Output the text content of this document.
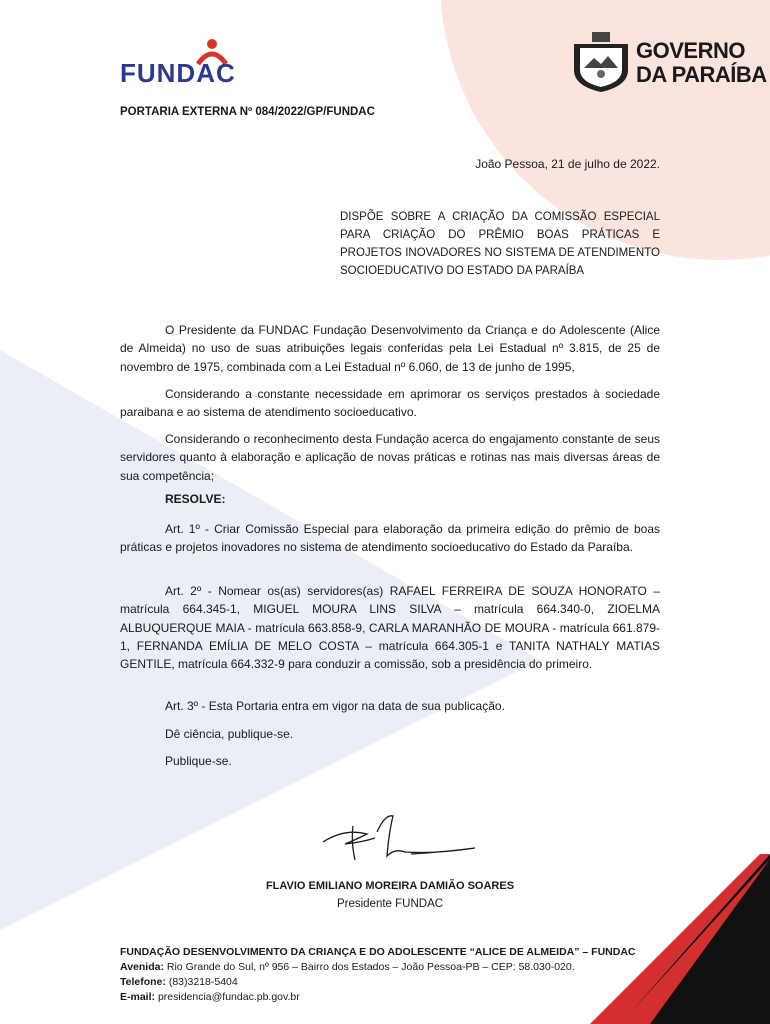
FUNDAC
GOVERNO
DA PARAÍBA
PORTARIA EXTERNA Nº 084/2022/GP/FUNDAC
João Pessoa, 21 de julho de 2022.
DISPÕE SOBRE A CRIAÇÃO DA COMISSÃO ESPECIAL PARA CRIAÇÃO DO PRÊMIO BOAS PRÁTICAS E PROJETOS INOVADORES NO SISTEMA DE ATENDIMENTO SOCIOEDUCATIVO DO ESTADO DA PARAÍBA
O Presidente da FUNDAC Fundação Desenvolvimento da Criança e do Adolescente (Alice de Almeida) no uso de suas atribuições legais conferidas pela Lei Estadual nº 3.815, de 25 de novembro de 1975, combinada com a Lei Estadual nº 6.060, de 13 de junho de 1995,
Considerando a constante necessidade em aprimorar os serviços prestados à sociedade paraibana e ao sistema de atendimento socioeducativo.
Considerando o reconhecimento desta Fundação acerca do engajamento constante de seus servidores quanto à elaboração e aplicação de novas práticas e rotinas nas mais diversas áreas de sua competência;
RESOLVE:
Art. 1º - Criar Comissão Especial para elaboração da primeira edição do prêmio de boas práticas e projetos inovadores no sistema de atendimento socioeducativo do Estado da Paraíba.
Art. 2º - Nomear os(as) servidores(as) RAFAEL FERREIRA DE SOUZA HONORATO – matrícula 664.345-1, MIGUEL MOURA LINS SILVA – matrícula 664.340-0, ZIOELMA ALBUQUERQUE MAIA - matrícula 663.858-9, CARLA MARANHÃO DE MOURA - matrícula 661.879-1, FERNANDA EMÍLIA DE MELO COSTA – matrícula 664.305-1 e TANITA NATHALY MATIAS GENTILE, matrícula 664.332-9 para conduzir a comissão, sob a presidência do primeiro.
Art. 3º - Esta Portaria entra em vigor na data de sua publicação.
Dê ciência, publique-se.
Publique-se.
FLAVIO EMILIANO MOREIRA DAMIÃO SOARES
Presidente FUNDAC
FUNDAÇÃO DESENVOLVIMENTO DA CRIANÇA E DO ADOLESCENTE “ALICE DE ALMEIDA” – FUNDAC
Avenida: Rio Grande do Sul, nº 956 – Bairro dos Estados – João Pessoa-PB – CEP: 58.030-020.
Telefone: (83)3218-5404
E-mail: presidencia@fundac.pb.gov.br
